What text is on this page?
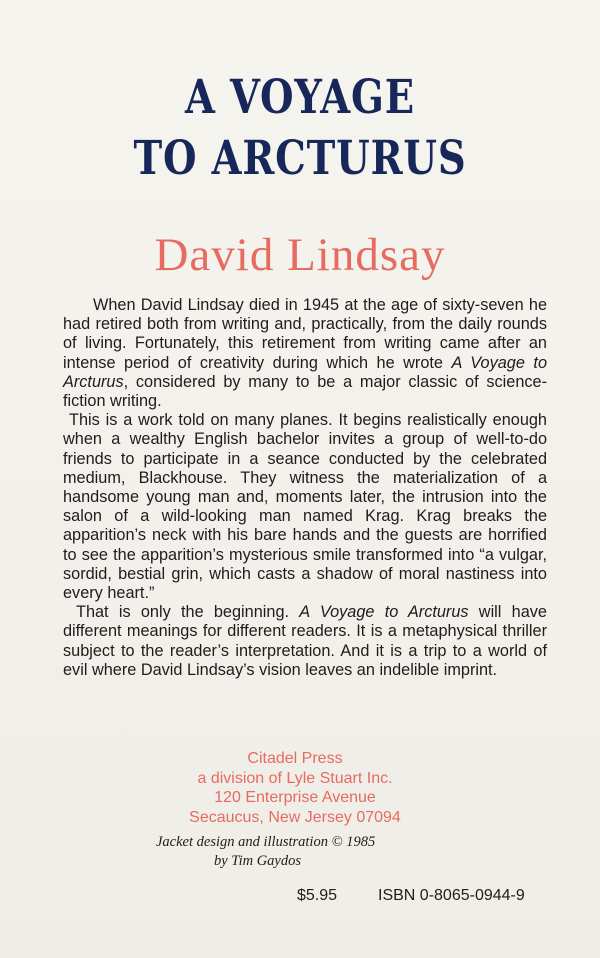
A VOYAGE
TO ARCTURUS
David Lindsay

When David Lindsay died in 1945 at the age of sixty-seven he had retired both from writing and, practically, from the daily rounds of living. Fortunately, this retirement from writing came after an intense period of creativity during which he wrote A Voyage to Arcturus, considered by many to be a major classic of science-fiction writing.

This is a work told on many planes. It begins realistically enough when a wealthy English bachelor invites a group of well-to-do friends to participate in a seance conducted by the celebrated medium, Blackhouse. They witness the materialization of a handsome young man and, moments later, the intrusion into the salon of a wild-looking man named Krag. Krag breaks the apparition’s neck with his bare hands and the guests are horrified to see the apparition’s mysterious smile transformed into “a vulgar, sordid, bestial grin, which casts a shadow of moral nastiness into every heart.”

That is only the beginning. A Voyage to Arcturus will have different meanings for different readers. It is a metaphysical thriller subject to the reader’s interpretation. And it is a trip to a world of evil where David Lindsay’s vision leaves an indelible imprint.

Citadel Press
a division of Lyle Stuart Inc.
120 Enterprise Avenue
Secaucus, New Jersey 07094
Jacket design and illustration © 1985
by Tim Gaydos
$5.95	ISBN 0-8065-0944-9
